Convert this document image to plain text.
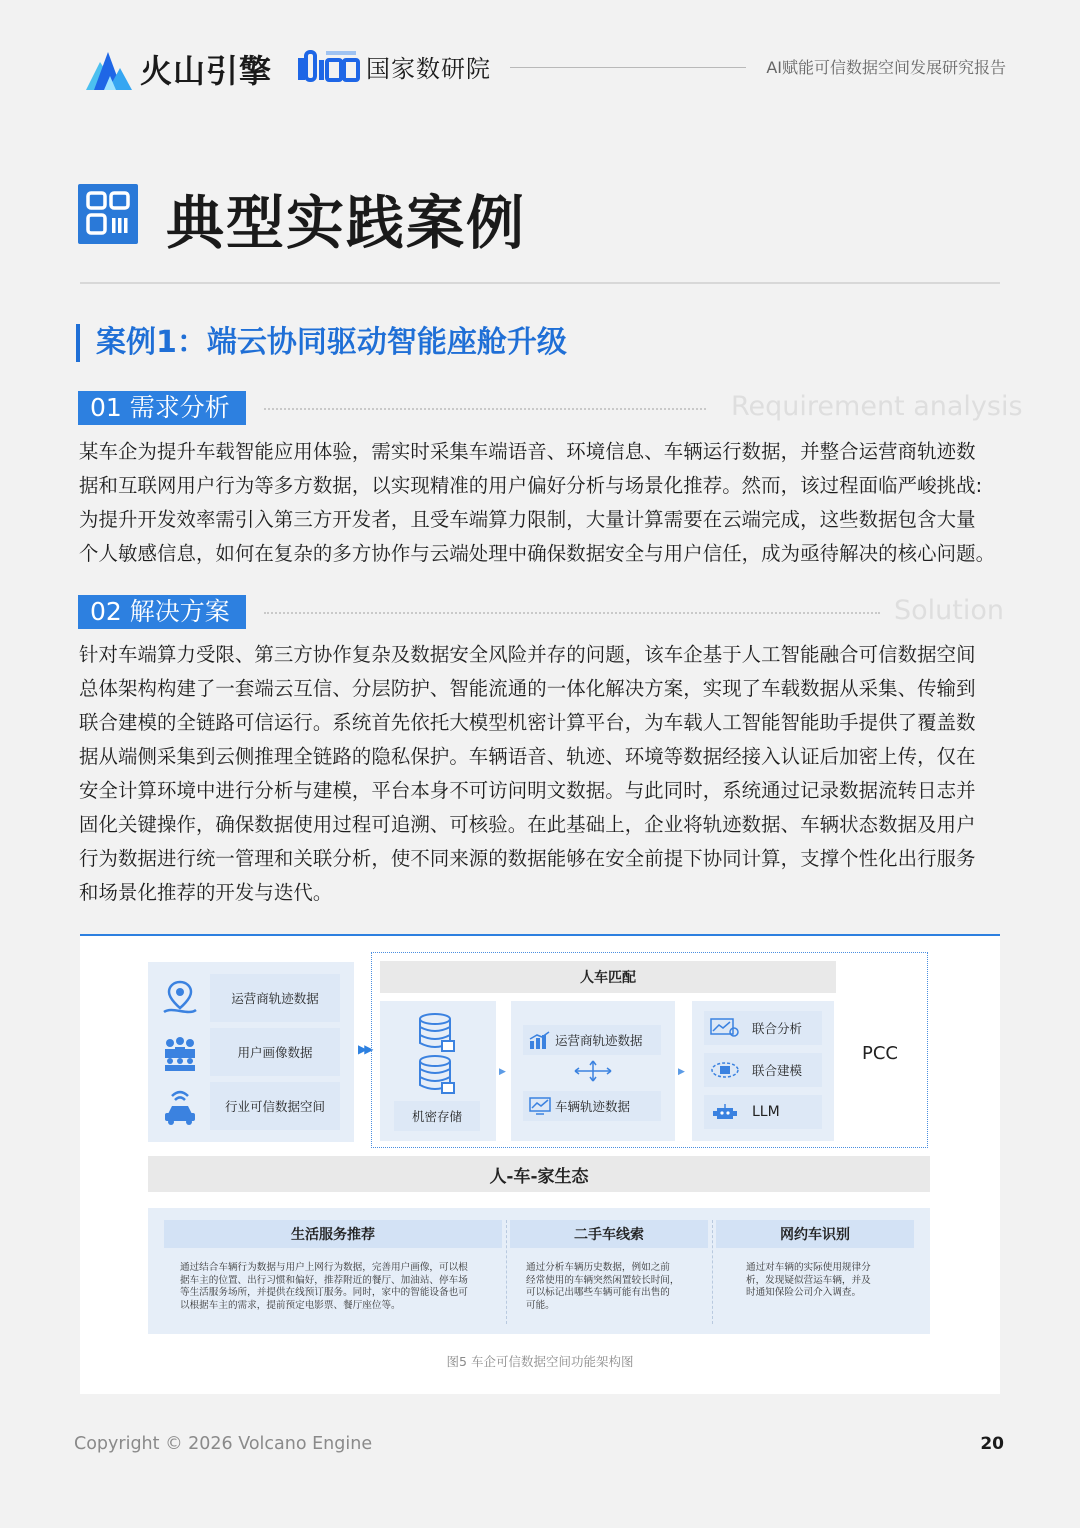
火山引擎	国家数研院	AI赋能可信数据空间发展研究报告
典型实践案例
案例1：端云协同驱动智能座舱升级
01 需求分析	Requirement analysis
某车企为提升车载智能应用体验，需实时采集车端语音、环境信息、车辆运行数据，并整合运营商轨迹数
据和互联网用户行为等多方数据，以实现精准的用户偏好分析与场景化推荐。然而，该过程面临严峻挑战:
为提升开发效率需引入第三方开发者，且受车端算力限制，大量计算需要在云端完成，这些数据包含大量
个人敏感信息，如何在复杂的多方协作与云端处理中确保数据安全与用户信任，成为亟待解决的核心问题。
02 解决方案	Solution
针对车端算力受限、第三方协作复杂及数据安全风险并存的问题，该车企基于人工智能融合可信数据空间
总体架构构建了一套端云互信、分层防护、智能流通的一体化解决方案，实现了车载数据从采集、传输到
联合建模的全链路可信运行。系统首先依托大模型机密计算平台，为车载人工智能智能助手提供了覆盖数
据从端侧采集到云侧推理全链路的隐私保护。车辆语音、轨迹、环境等数据经接入认证后加密上传，仅在
安全计算环境中进行分析与建模，平台本身不可访问明文数据。与此同时，系统通过记录数据流转日志并
固化关键操作，确保数据使用过程可追溯、可核验。在此基础上，企业将轨迹数据、车辆状态数据及用户
行为数据进行统一管理和关联分析，使不同来源的数据能够在安全前提下协同计算，支撑个性化出行服务
和场景化推荐的开发与迭代。
运营商轨迹数据
用户画像数据
行业可信数据空间
▶▶
人车匹配
机密存储
▶
运营商轨迹数据
车辆轨迹数据
▶
联合分析
联合建模
LLM
PCC
人-车-家生态
生活服务推荐
通过结合车辆行为数据与用户上网行为数据，完善用户画像，可以根
据车主的位置、出行习惯和偏好，推荐附近的餐厅、加油站、停车场
等生活服务场所，并提供在线预订服务。同时，家中的智能设备也可
以根据车主的需求，提前预定电影票、餐厅座位等。
二手车线索
通过分析车辆历史数据，例如之前
经常使用的车辆突然闲置较长时间，
可以标记出哪些车辆可能有出售的
可能。
网约车识别
通过对车辆的实际使用规律分
析，发现疑似营运车辆，并及
时通知保险公司介入调查。
图5 车企可信数据空间功能架构图
Copyright © 2026 Volcano Engine	20
